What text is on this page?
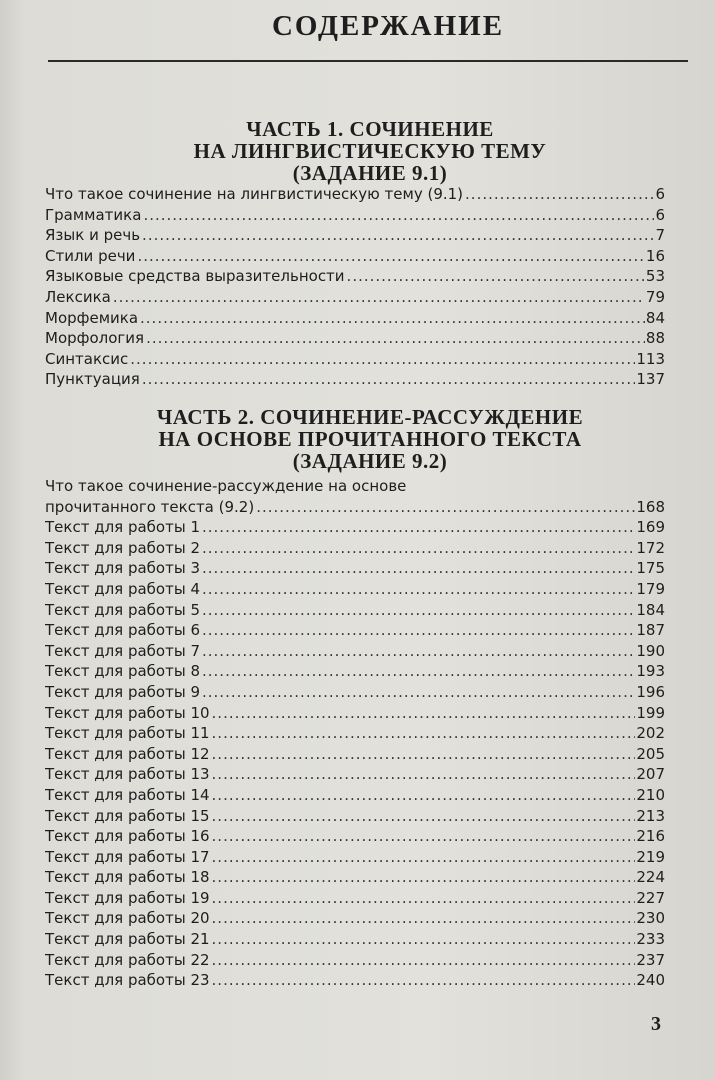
СОДЕРЖАНИЕ
ЧАСТЬ 1. СОЧИНЕНИЕ
НА ЛИНГВИСТИЧЕСКУЮ ТЕМУ
(ЗАДАНИЕ 9.1)
Что такое сочинение на лингвистическую тему (9.1) .....	6
Грамматика .....	6
Язык и речь .....	7
Стили речи .....	16
Языковые средства выразительности .....	53
Лексика .....	79
Морфемика .....	84
Морфология .....	88
Синтаксис .....	113
Пунктуация .....	137
ЧАСТЬ 2. СОЧИНЕНИЕ-РАССУЖДЕНИЕ
НА ОСНОВЕ ПРОЧИТАННОГО ТЕКСТА
(ЗАДАНИЕ 9.2)
Что такое сочинение-рассуждение на основе
прочитанного текста (9.2) .....	168
Текст для работы 1 .....	169
Текст для работы 2 .....	172
Текст для работы 3 .....	175
Текст для работы 4 .....	179
Текст для работы 5 .....	184
Текст для работы 6 .....	187
Текст для работы 7 .....	190
Текст для работы 8 .....	193
Текст для работы 9 .....	196
Текст для работы 10 .....	199
Текст для работы 11 .....	202
Текст для работы 12 .....	205
Текст для работы 13 .....	207
Текст для работы 14 .....	210
Текст для работы 15 .....	213
Текст для работы 16 .....	216
Текст для работы 17 .....	219
Текст для работы 18 .....	224
Текст для работы 19 .....	227
Текст для работы 20 .....	230
Текст для работы 21 .....	233
Текст для работы 22 .....	237
Текст для работы 23 .....	240
3
